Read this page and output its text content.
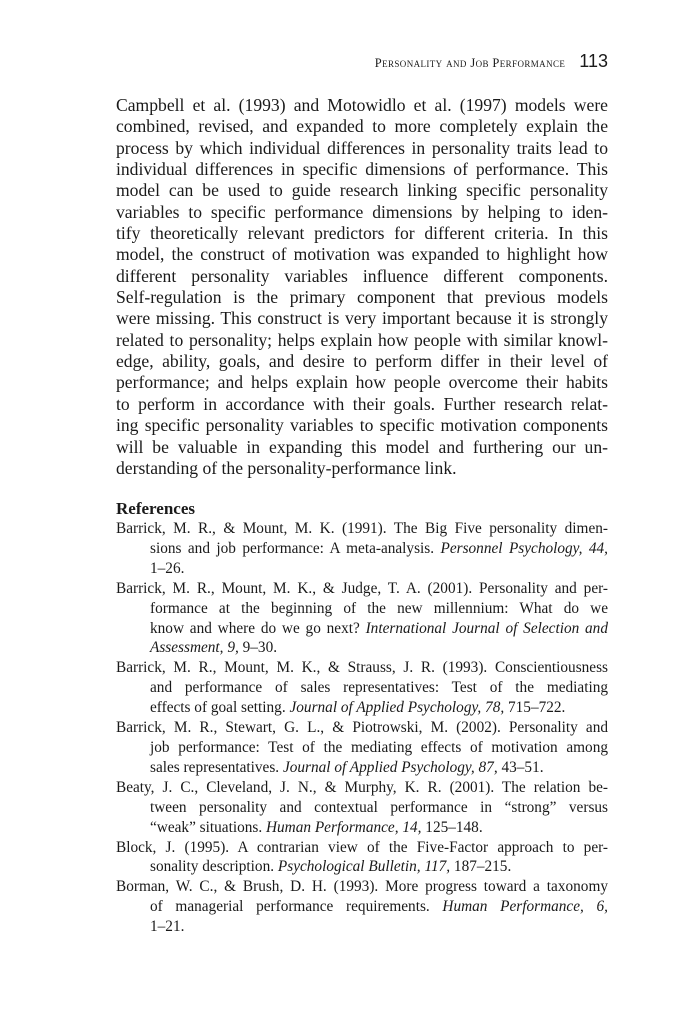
Personality and Job Performance 113

Campbell et al. (1993) and Motowidlo et al. (1997) models were
combined, revised, and expanded to more completely explain the
process by which individual differences in personality traits lead to
individual differences in specific dimensions of performance. This
model can be used to guide research linking specific personality
variables to specific performance dimensions by helping to iden-
tify theoretically relevant predictors for different criteria. In this
model, the construct of motivation was expanded to highlight how
different personality variables influence different components.
Self-regulation is the primary component that previous models
were missing. This construct is very important because it is strongly
related to personality; helps explain how people with similar knowl-
edge, ability, goals, and desire to perform differ in their level of
performance; and helps explain how people overcome their habits
to perform in accordance with their goals. Further research relat-
ing specific personality variables to specific motivation components
will be valuable in expanding this model and furthering our un-
derstanding of the personality-performance link.

References
Barrick, M. R., & Mount, M. K. (1991). The Big Five personality dimen-
sions and job performance: A meta-analysis. Personnel Psychology, 44,
1–26.
Barrick, M. R., Mount, M. K., & Judge, T. A. (2001). Personality and per-
formance at the beginning of the new millennium: What do we
know and where do we go next? International Journal of Selection and
Assessment, 9, 9–30.
Barrick, M. R., Mount, M. K., & Strauss, J. R. (1993). Conscientiousness
and performance of sales representatives: Test of the mediating
effects of goal setting. Journal of Applied Psychology, 78, 715–722.
Barrick, M. R., Stewart, G. L., & Piotrowski, M. (2002). Personality and
job performance: Test of the mediating effects of motivation among
sales representatives. Journal of Applied Psychology, 87, 43–51.
Beaty, J. C., Cleveland, J. N., & Murphy, K. R. (2001). The relation be-
tween personality and contextual performance in “strong” versus
“weak” situations. Human Performance, 14, 125–148.
Block, J. (1995). A contrarian view of the Five-Factor approach to per-
sonality description. Psychological Bulletin, 117, 187–215.
Borman, W. C., & Brush, D. H. (1993). More progress toward a taxonomy
of managerial performance requirements. Human Performance, 6,
1–21.
